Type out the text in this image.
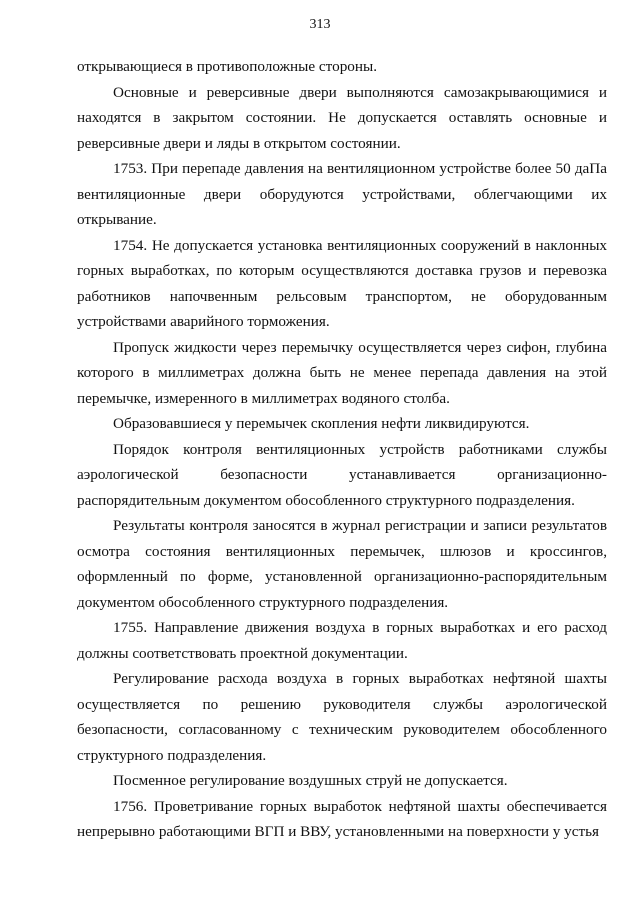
313

открывающиеся в противоположные стороны.

Основные и реверсивные двери выполняются самозакрывающимися и находятся в закрытом состоянии. Не допускается оставлять основные и реверсивные двери и ляды в открытом состоянии.

1753. При перепаде давления на вентиляционном устройстве более 50 даПа вентиляционные двери оборудуются устройствами, облегчающими их открывание.

1754. Не допускается установка вентиляционных сооружений в наклонных горных выработках, по которым осуществляются доставка грузов и перевозка работников напочвенным рельсовым транспортом, не оборудованным устройствами аварийного торможения.

Пропуск жидкости через перемычку осуществляется через сифон, глубина которого в миллиметрах должна быть не менее перепада давления на этой перемычке, измеренного в миллиметрах водяного столба.

Образовавшиеся у перемычек скопления нефти ликвидируются.

Порядок контроля вентиляционных устройств работниками службы аэрологической безопасности устанавливается организационно-распорядительным документом обособленного структурного подразделения.

Результаты контроля заносятся в журнал регистрации и записи результатов осмотра состояния вентиляционных перемычек, шлюзов и кроссингов, оформленный по форме, установленной организационно-распорядительным документом обособленного структурного подразделения.

1755. Направление движения воздуха в горных выработках и его расход должны соответствовать проектной документации.

Регулирование расхода воздуха в горных выработках нефтяной шахты осуществляется по решению руководителя службы аэрологической безопасности, согласованному с техническим руководителем обособленного структурного подразделения.

Посменное регулирование воздушных струй не допускается.

1756. Проветривание горных выработок нефтяной шахты обеспечивается непрерывно работающими ВГП и ВВУ, установленными на поверхности у устья
